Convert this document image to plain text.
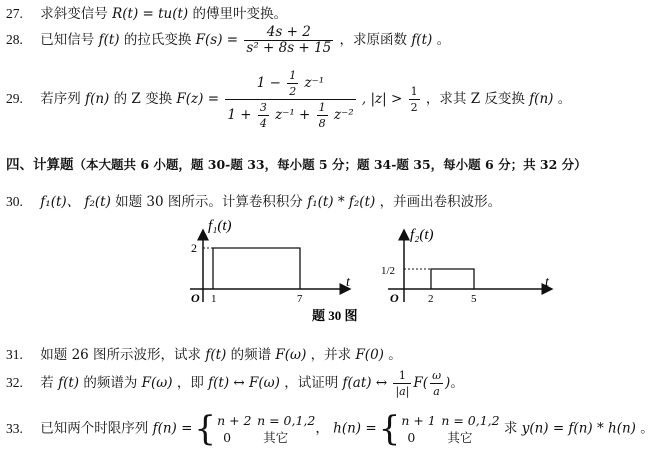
27. 求斜变信号 R(t) = tu(t) 的傅里叶变换。
28. 已知信号 f(t) 的拉氏变换 $F(s) = \frac{4s + 2}{\text{s² + 8s + 15}}$ ，求原函数 f(t) 。
29. 若序列 f(n) 的 Z 变换 $F(z) = \frac{1 - \frac{1}{2} z^{-1}}{1 + \frac{3}{4} z^{-1} + \frac{1}{8} z^{-2}}$ , $|z| > \frac{1}{2}$ ，求其 Z 反变换 f(n) 。
四、计算题（本大题共 6 小题，题 30-题 33，每小题 5 分；题 34-题 35，每小题 6 分；共 32 分）
30. f₁(t)、 f₂(t) 如题 30 图所示。计算卷积积分 f₁(t) * f₂(t) ，并画出卷积波形。
f₁(t)
t
O
2
1	7
f₂(t)
t
O
1/2
2	5
题 30 图
31. 如题 26 图所示波形，试求 f(t) 的频谱 F(ω) ，并求 F(0) 。
32. 若 f(t) 的频谱为 F(ω) ，即 f(t) ↔ F(ω) ，试证明 f(at) ↔ $\frac{1}{|a|} F( \frac{\omega}{a}$ )。
33. 已知两个时限序列 f(n) ={ n + 2 n = 0,1,2
0	其它
， h(n) ={ n + 1 n = 0,1,2
0	其它
求 y(n) = f(n) * h(n) 。
